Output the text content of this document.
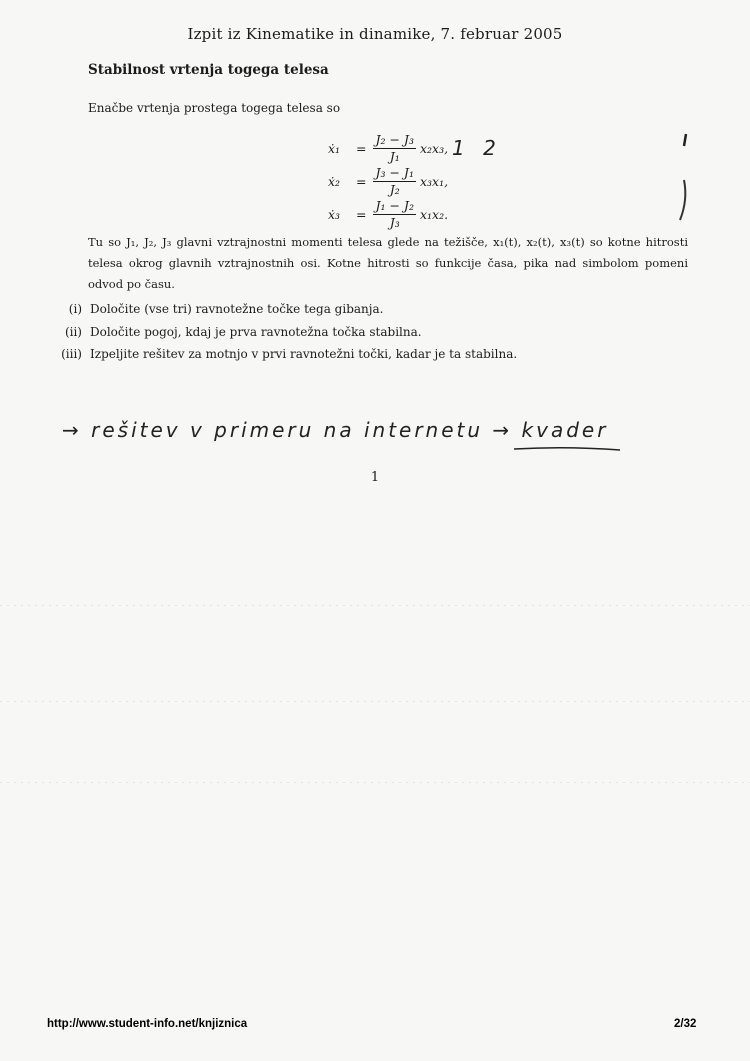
Izpit iz Kinematike in dinamike, 7. februar 2005
Stabilnost vrtenja togega telesa
Enačbe vrtenja prostega togega telesa so
ẋ₁	= $\frac{\text{J₂ − J₃}}{\text{J₁}} x_2x_3$,
ẋ₂	= $\frac{\text{J₃ − J₁}}{\text{J₂}} x_3x_1$,
ẋ₃	= $\frac{\text{J₁ − J₂}}{\text{J₃}} x_1x_2$.
1 2
Tu so J₁, J₂, J₃ glavni vztrajnostni momenti telesa glede na težišče, x₁(t), x₂(t), x₃(t) so kotne hitrosti telesa okrog glavnih vztrajnostnih osi. Kotne hitrosti so funkcije časa, pika nad simbolom pomeni odvod po času.
(i) Določite (vse tri) ravnotežne točke tega gibanja.
(ii) Določite pogoj, kdaj je prva ravnotežna točka stabilna.
(iii) Izpeljite rešitev za motnjo v prvi ravnotežni točki, kadar je ta stabilna.
→ rešitev v primeru na internetu → kvader
1
http://www.student-info.net/knjiznica	2/32
